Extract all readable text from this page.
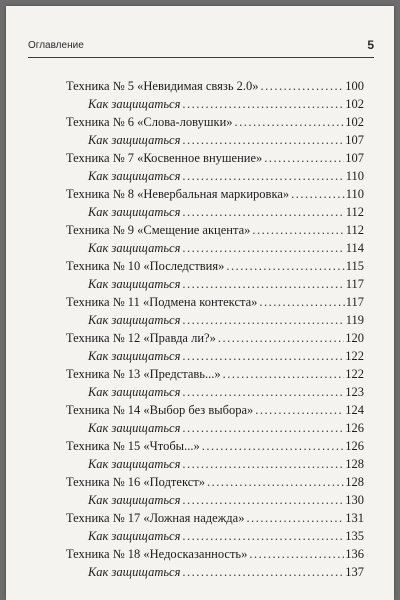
Оглавление	5
Техника № 5 «Невидимая связь 2.0» .....	100
Как защищаться .....	102
Техника № 6 «Слова-ловушки» .....	102
Как защищаться .....	107
Техника № 7 «Косвенное внушение» .....	107
Как защищаться .....	110
Техника № 8 «Невербальная маркировка» .....	110
Как защищаться .....	112
Техника № 9 «Смещение акцента» .....	112
Как защищаться .....	114
Техника № 10 «Последствия» .....	115
Как защищаться .....	117
Техника № 11 «Подмена контекста» .....	117
Как защищаться .....	119
Техника № 12 «Правда ли?» .....	120
Как защищаться .....	122
Техника № 13 «Представь...» .....	122
Как защищаться .....	123
Техника № 14 «Выбор без выбора» .....	124
Как защищаться .....	126
Техника № 15 «Чтобы...» .....	126
Как защищаться .....	128
Техника № 16 «Подтекст» .....	128
Как защищаться .....	130
Техника № 17 «Ложная надежда» .....	131
Как защищаться .....	135
Техника № 18 «Недосказанность» .....	136
Как защищаться .....	137
